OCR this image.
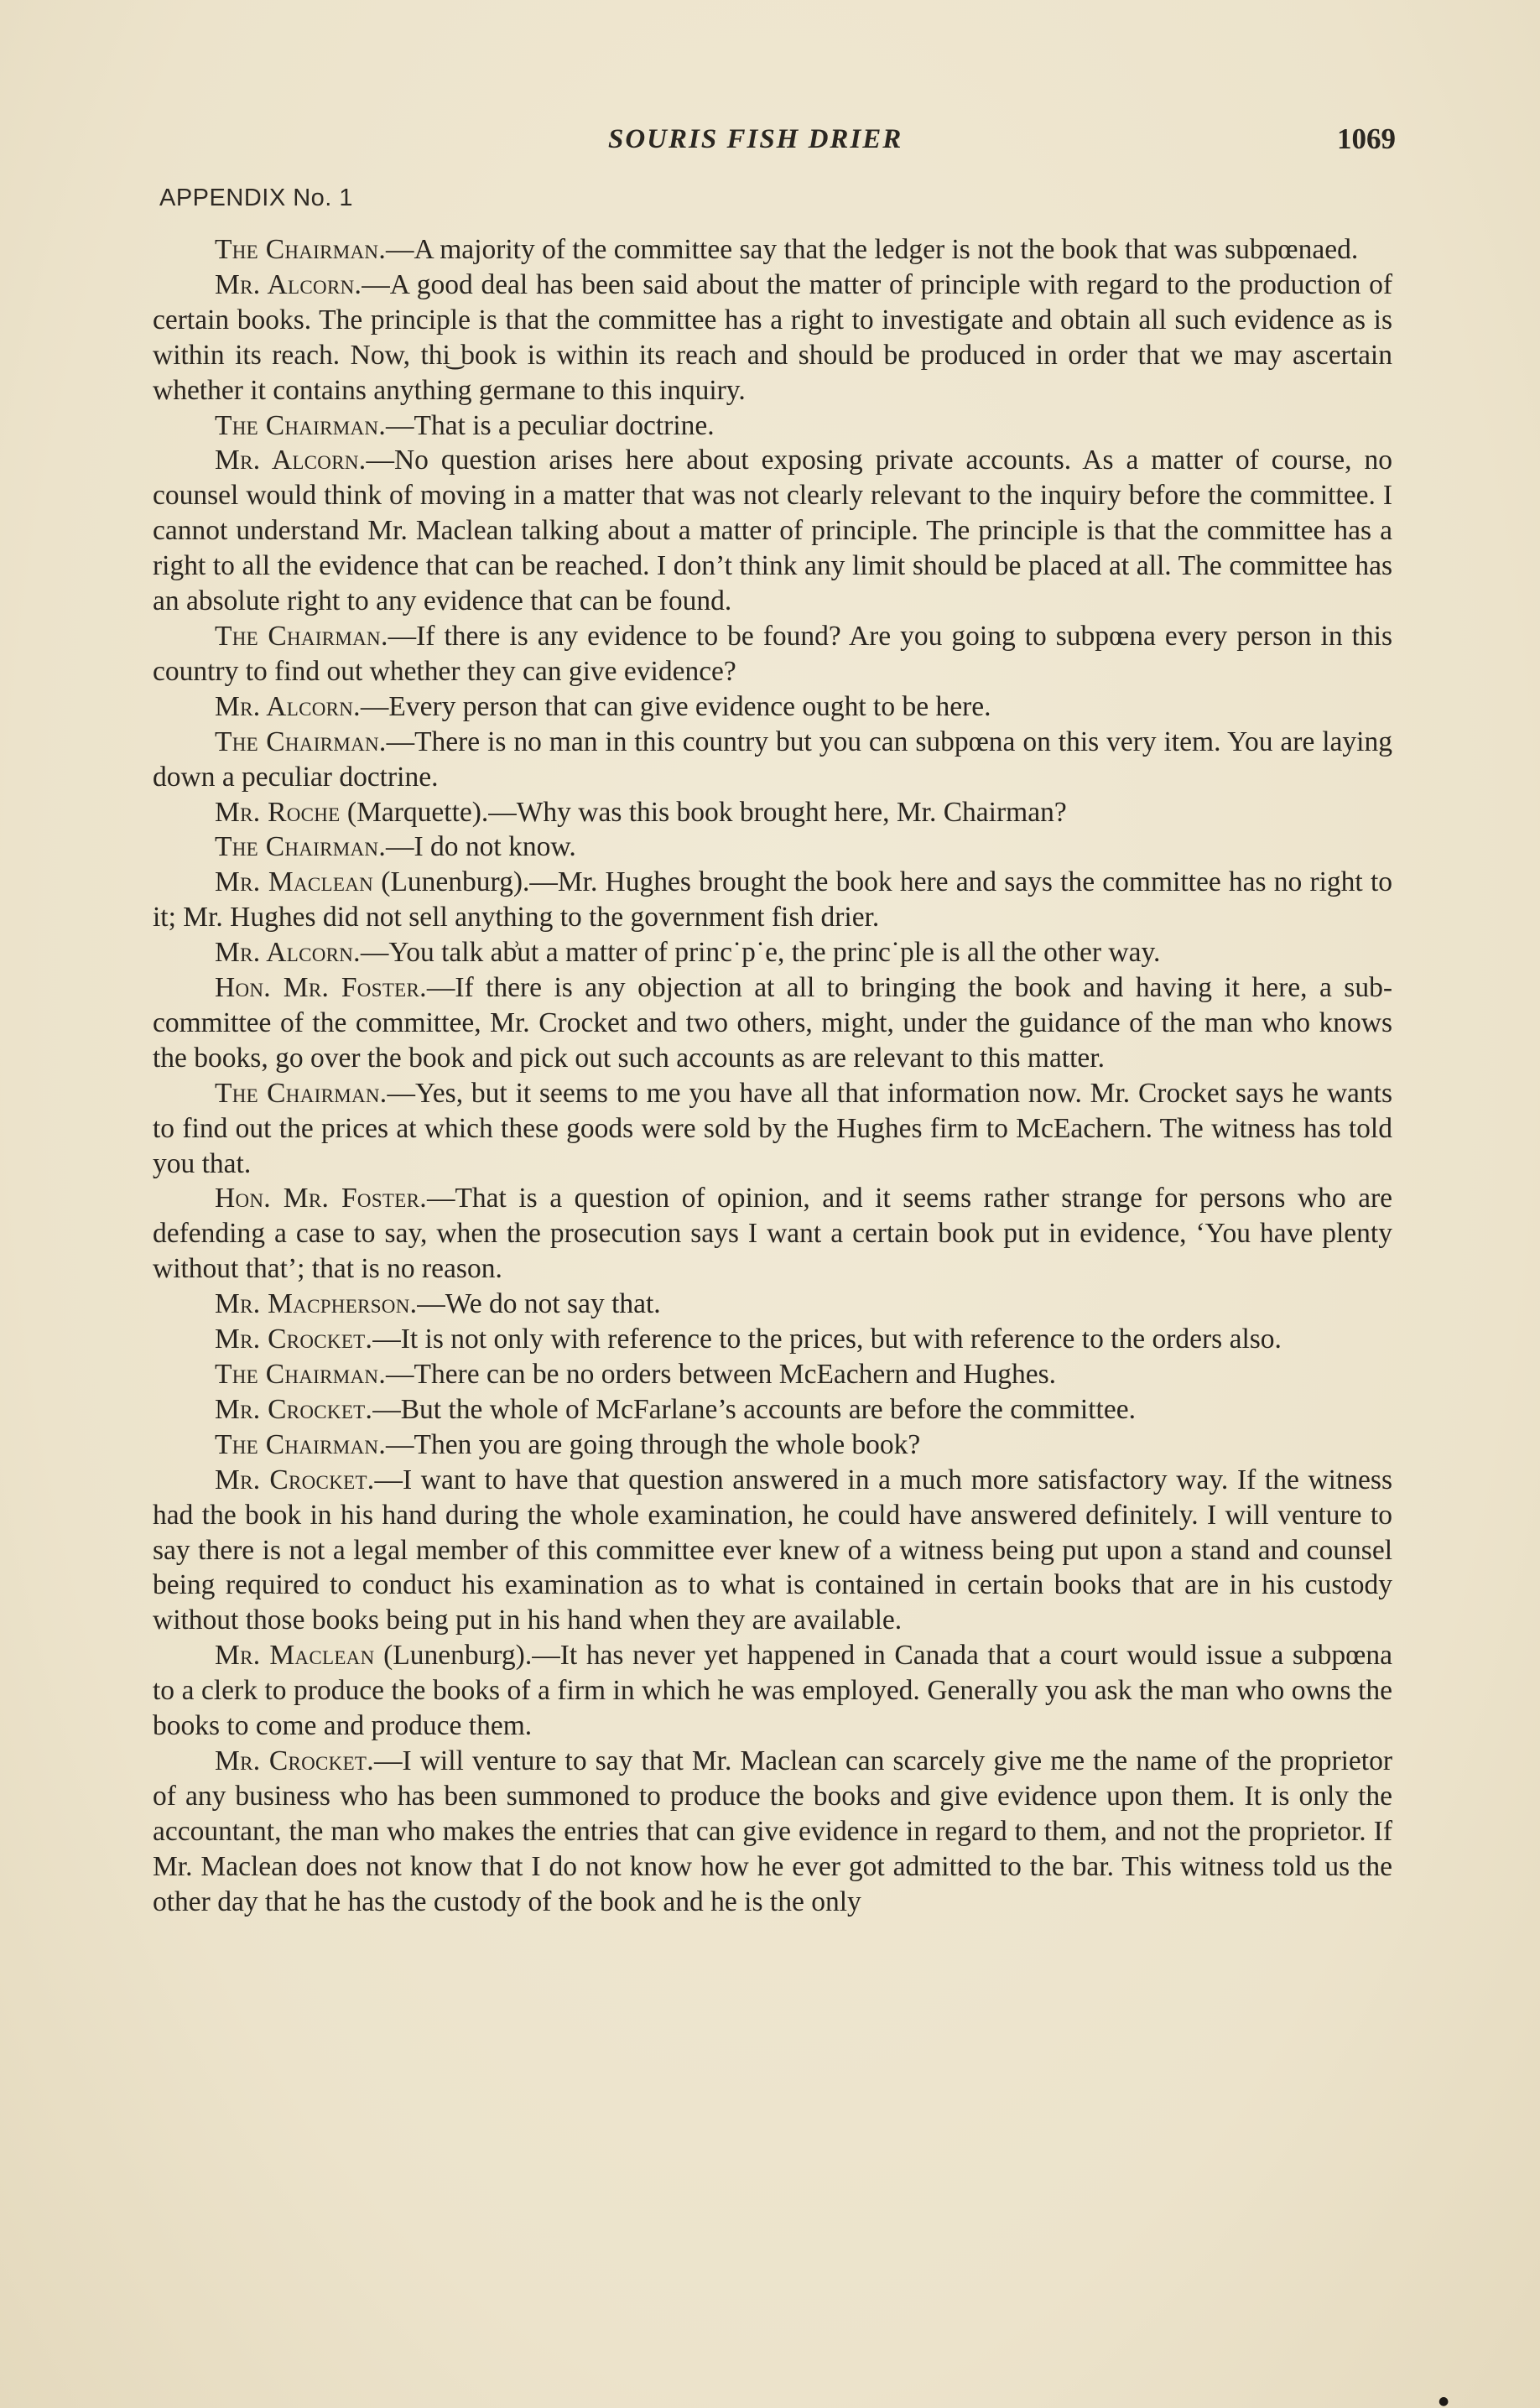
SOURIS FISH DRIER	1069
APPENDIX No. 1

The Chairman.—A majority of the committee say that the ledger is not the book that was subpœnaed.

Mr. Alcorn.—A good deal has been said about the matter of principle with regard to the production of certain books. The principle is that the committee has a right to investigate and obtain all such evidence as is within its reach. Now, thi͜ book is within its reach and should be produced in order that we may ascertain whether it contains anything germane to this inquiry.

The Chairman.—That is a peculiar doctrine.

Mr. Alcorn.—No question arises here about exposing private accounts. As a matter of course, no counsel would think of moving in a matter that was not clearly relevant to the inquiry before the committee. I cannot understand Mr. Maclean talking about a matter of principle. The principle is that the committee has a right to all the evidence that can be reached. I don’t think any limit should be placed at all. The committee has an absolute right to any evidence that can be found.

The Chairman.—If there is any evidence to be found? Are you going to subpœna every person in this country to find out whether they can give evidence?

Mr. Alcorn.—Every person that can give evidence ought to be here.

The Chairman.—There is no man in this country but you can subpœna on this very item. You are laying down a peculiar doctrine.

Mr. Roche (Marquette).—Why was this book brought here, Mr. Chairman?

The Chairman.—I do not know.

Mr. Maclean (Lunenburg).—Mr. Hughes brought the book here and says the committee has no right to it; Mr. Hughes did not sell anything to the government fish drier.

Mr. Alcorn.—You talk ab͗ut a matter of princ˙p˙e, the princ˙ple is all the other way.

Hon. Mr. Foster.—If there is any objection at all to bringing the book and having it here, a sub-committee of the committee, Mr. Crocket and two others, might, under the guidance of the man who knows the books, go over the book and pick out such accounts as are relevant to this matter.

The Chairman.—Yes, but it seems to me you have all that information now. Mr. Crocket says he wants to find out the prices at which these goods were sold by the Hughes firm to McEachern. The witness has told you that.

Hon. Mr. Foster.—That is a question of opinion, and it seems rather strange for persons who are defending a case to say, when the prosecution says I want a certain book put in evidence, ‘You have plenty without that’; that is no reason.

Mr. Macpherson.—We do not say that.

Mr. Crocket.—It is not only with reference to the prices, but with reference to the orders also.

The Chairman.—There can be no orders between McEachern and Hughes.

Mr. Crocket.—But the whole of McFarlane’s accounts are before the committee.

The Chairman.—Then you are going through the whole book?

Mr. Crocket.—I want to have that question answered in a much more satisfactory way. If the witness had the book in his hand during the whole examination, he could have answered definitely. I will venture to say there is not a legal member of this committee ever knew of a witness being put upon a stand and counsel being required to conduct his examination as to what is contained in certain books that are in his custody without those books being put in his hand when they are available.

Mr. Maclean (Lunenburg).—It has never yet happened in Canada that a court would issue a subpœna to a clerk to produce the books of a firm in which he was employed. Generally you ask the man who owns the books to come and produce them.

Mr. Crocket.—I will venture to say that Mr. Maclean can scarcely give me the name of the proprietor of any business who has been summoned to produce the books and give evidence upon them. It is only the accountant, the man who makes the entries that can give evidence in regard to them, and not the proprietor. If Mr. Maclean does not know that I do not know how he ever got admitted to the bar. This witness told us the other day that he has the custody of the book and he is the only

●
